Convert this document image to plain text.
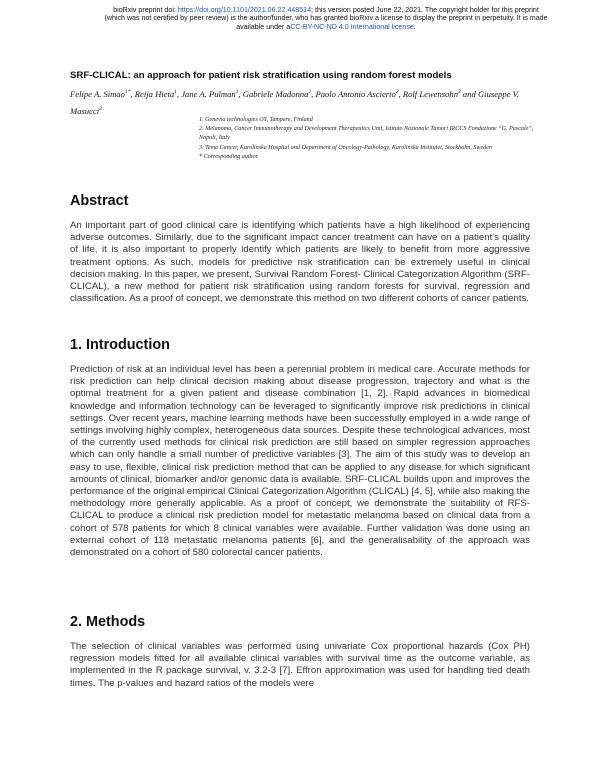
bioRxiv preprint doi: https://doi.org/10.1101/2021.06.22.448514; this version posted June 22, 2021. The copyright holder for this preprint
(which was not certified by peer review) is the author/funder, who has granted bioRxiv a license to display the preprint in perpetuity. It is made
available under aCC-BY-NC-ND 4.0 International license.
SRF-CLICAL: an approach for patient risk stratification using random forest models
Felipe A. Simao$^{1*}$, Reija Hieta$^1$, Jane A. Pulman$^1$, Gabriele Madonna$^2$, Paolo Antonio Ascierto$^2$, Rolf Lewensohn$^3$ and Giuseppe V. Masucci$^3$
1. Genevia technologies OY, Tampere, Finland
2. Melanoma, Cancer Immunotherapy and Development Therapeutics Unit, Istituto Nazionale Tumori IRCCS Fondazione “G. Pascale”, Napoli, Italy
3. Tema Cancer, Karolinska Hospital and Department of Oncology-Pathology, Karolinska Institutet, Stockholm, Sweden
* Corresponding author
Abstract

An important part of good clinical care is identifying which patients have a high likelihood of experiencing adverse outcomes. Similarly, due to the significant impact cancer treatment can have on a patient's quality of life, it is also important to properly identify which patients are likely to benefit from more aggressive treatment options. As such, models for predictive risk stratification can be extremely useful in clinical decision making. In this paper, we present, Survival Random Forest- Clinical Categorization Algorithm (SRF-CLICAL), a new method for patient risk stratification using random forests for survival, regression and classification. As a proof of concept, we demonstrate this method on two different cohorts of cancer patients.

1. Introduction

Prediction of risk at an individual level has been a perennial problem in medical care. Accurate methods for risk prediction can help clinical decision making about disease progression, trajectory and what is the optimal treatment for a given patient and disease combination [1, 2]. Rapid advances in biomedical knowledge and information technology can be leveraged to significantly improve risk predictions in clinical settings. Over recent years, machine learning methods have been successfully employed in a wide range of settings involving highly complex, heterogeneous data sources. Despite these technological advances, most of the currently used methods for clinical risk prediction are still based on simpler regression approaches which can only handle a small number of predictive variables [3]. The aim of this study was to develop an easy to use, flexible, clinical risk prediction method that can be applied to any disease for which significant amounts of clinical, biomarker and/or genomic data is available. SRF-CLICAL builds upon and improves the performance of the original empirical Clinical Categorization Algorithm (CLICAL) [4, 5], while also making the methodology more generally applicable. As a proof of concept, we demonstrate the suitability of RFS-CLICAL to produce a clinical risk prediction model for metastatic melanoma based on clinical data from a cohort of 578 patients for which 8 clinical variables were available. Further validation was done using an external cohort of 118 metastatic melanoma patients [6], and the generalisability of the approach was demonstrated on a cohort of 580 colorectal cancer patients.

2. Methods

The selection of clinical variables was performed using univariate Cox proportional hazards (Cox PH) regression models fitted for all available clinical variables with survival time as the outcome variable, as implemented in the R package survival, v. 3.2-3 [7]. Effron approximation was used for handling tied death times. The p-values and hazard ratios of the models were
